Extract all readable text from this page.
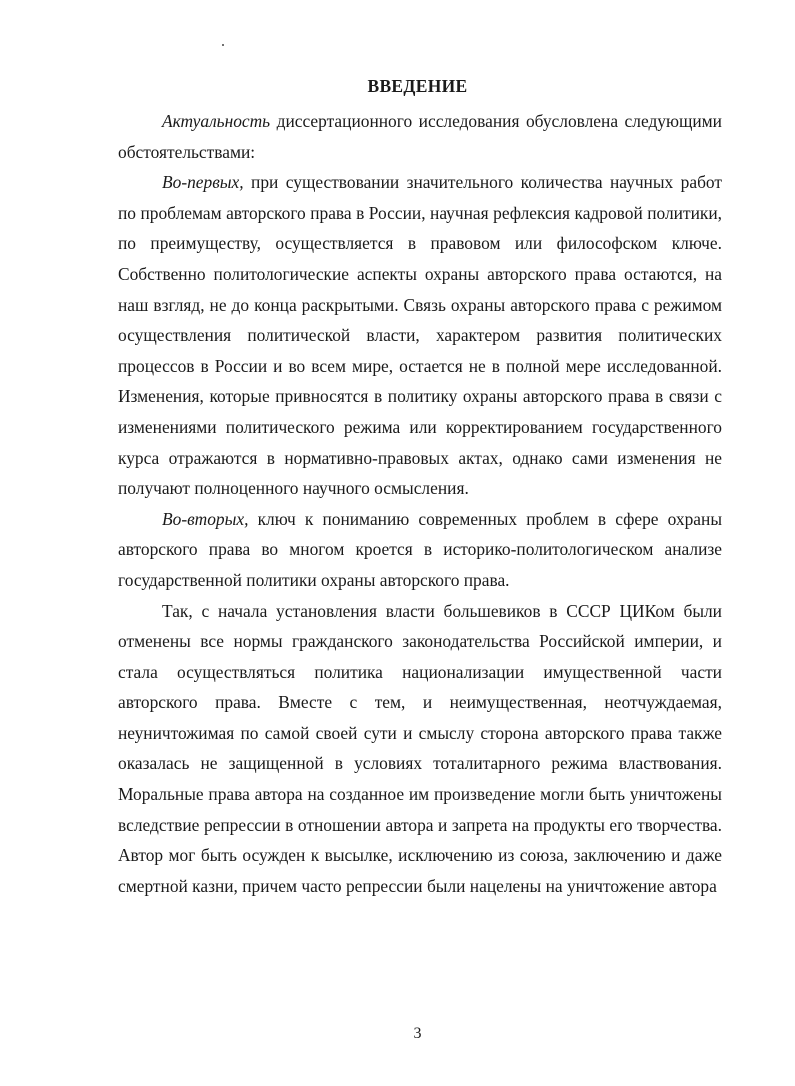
ВВЕДЕНИЕ

Актуальность диссертационного исследования обусловлена следующими обстоятельствами:

Во-первых, при существовании значительного количества научных работ по проблемам авторского права в России, научная рефлексия кадровой политики, по преимуществу, осуществляется в правовом или философском ключе. Собственно политологические аспекты охраны авторского права остаются, на наш взгляд, не до конца раскрытыми. Связь охраны авторского права с режимом осуществления политической власти, характером развития политических процессов в России и во всем мире, остается не в полной мере исследованной. Изменения, которые привносятся в политику охраны авторского права в связи с изменениями политического режима или корректированием государственного курса отражаются в нормативно-правовых актах, однако сами изменения не получают полноценного научного осмысления.

Во-вторых, ключ к пониманию современных проблем в сфере охраны авторского права во многом кроется в историко-политологическом анализе государственной политики охраны авторского права.

Так, с начала установления власти большевиков в СССР ЦИКом были отменены все нормы гражданского законодательства Российской империи, и стала осуществляться политика национализации имущественной части авторского права. Вместе с тем, и неимущественная, неотчуждаемая, неуничтожимая по самой своей сути и смыслу сторона авторского права также оказалась не защищенной в условиях тоталитарного режима властвования. Моральные права автора на созданное им произведение могли быть уничтожены вследствие репрессии в отношении автора и запрета на продукты его творчества. Автор мог быть осужден к высылке, исключению из союза, заключению и даже смертной казни, причем часто репрессии были нацелены на уничтожение автора

3
